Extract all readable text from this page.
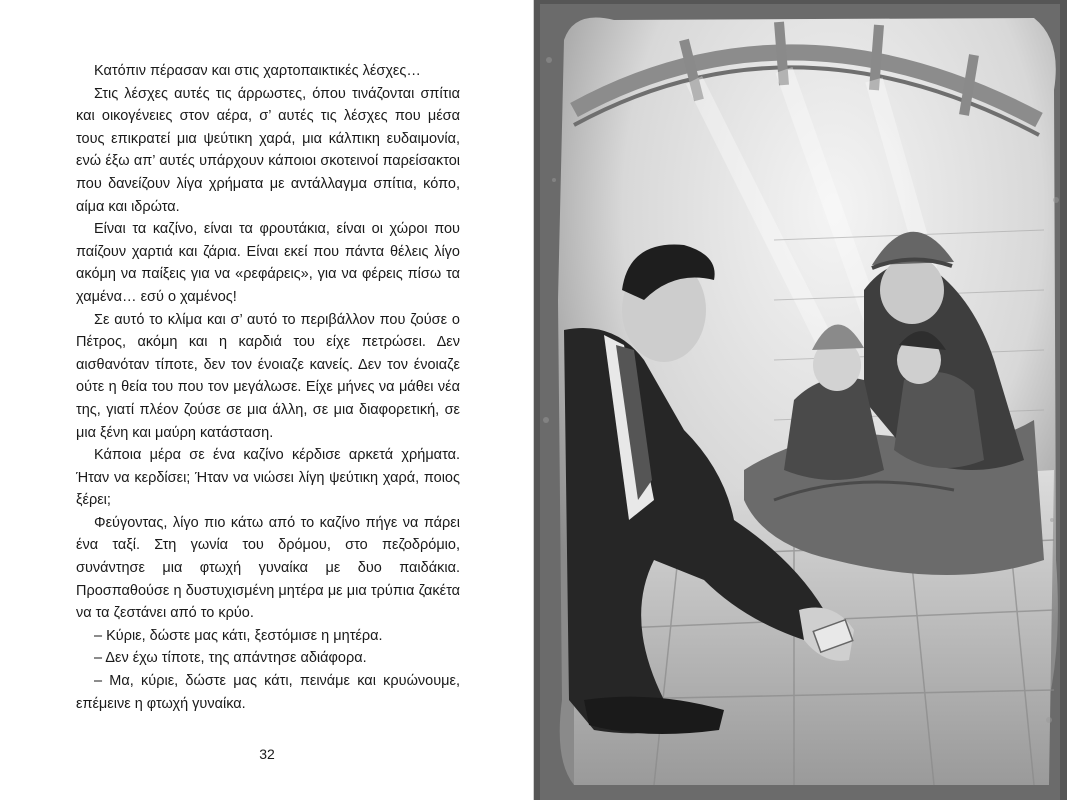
Κατόπιν πέρασαν και στις χαρτοπαικτικές λέσχες…

Στις λέσχες αυτές τις άρρωστες, όπου τινάζονται σπίτια και οικογένειες στον αέρα, σ’ αυτές τις λέσχες που μέσα τους επικρατεί μια ψεύτικη χαρά, μια κάλπικη ευδαιμονία, ενώ έξω απ’ αυτές υπάρχουν κάποιοι σκοτεινοί παρείσακτοι που δανείζουν λίγα χρήματα με αντάλλαγμα σπίτια, κόπο, αίμα και ιδρώτα.

Είναι τα καζίνο, είναι τα φρουτάκια, είναι οι χώροι που παίζουν χαρτιά και ζάρια. Είναι εκεί που πάντα θέλεις λίγο ακόμη να παίξεις για να «ρεφάρεις», για να φέρεις πίσω τα χαμένα… εσύ ο χαμένος!

Σε αυτό το κλίμα και σ’ αυτό το περιβάλλον που ζούσε ο Πέτρος, ακόμη και η καρδιά του είχε πετρώσει. Δεν αισθανόταν τίποτε, δεν τον ένοιαζε κανείς. Δεν τον ένοιαζε ούτε η θεία του που τον μεγάλωσε. Είχε μήνες να μάθει νέα της, γιατί πλέον ζούσε σε μια άλλη, σε μια διαφορετική, σε μια ξένη και μαύρη κατάσταση.

Κάποια μέρα σε ένα καζίνο κέρδισε αρκετά χρήματα. Ήταν να κερδίσει; Ήταν να νιώσει λίγη ψεύτικη χαρά, ποιος ξέρει;

Φεύγοντας, λίγο πιο κάτω από το καζίνο πήγε να πάρει ένα ταξί. Στη γωνία του δρόμου, στο πεζοδρόμιο, συνάντησε μια φτωχή γυναίκα με δυο παιδάκια. Προσπαθούσε η δυστυχισμένη μητέρα με μια τρύπια ζακέτα να τα ζεστάνει από το κρύο.

– Κύριε, δώστε μας κάτι, ξεστόμισε η μητέρα.

– Δεν έχω τίποτε, της απάντησε αδιάφορα.

– Μα, κύριε, δώστε μας κάτι, πεινάμε και κρυώνουμε, επέμεινε η φτωχή γυναίκα.

32
